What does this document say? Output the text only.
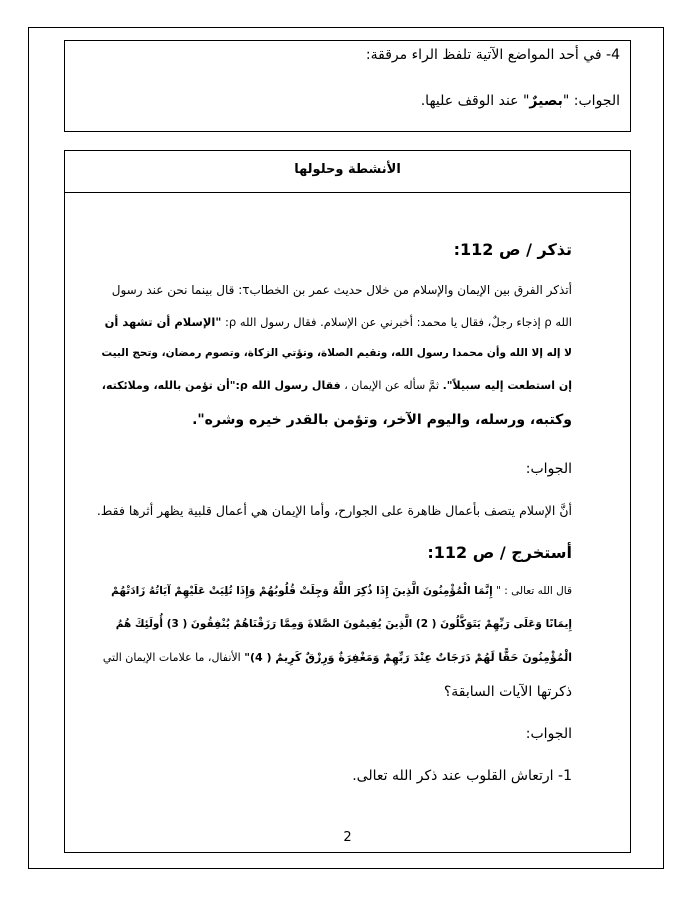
4- في أحد المواضع الآتية تلفظ الراء مرققة:
الجواب: "بصيرٌ" عند الوقف عليها.
الأنشطة وحلولها
تذكر / ص 112:
أتذكر الفرق بين الإيمان والإسلام من خلال حديث عمر بن الخطابτ: قال بينما نحن عند رسول
الله ρ إذجاء رجلٌ، فقال يا محمد: أخبرني عن الإسلام. فقال رسول الله ρ: "الإسلام أن تشهد أن
لا إله إلا الله وأن محمدا رسول الله، وتقيم الصلاة، وتؤتي الزكاة، وتصوم رمضان، وتحج البيت
إن استطعت إليه سبيلاً". ثمَّ سأله عن الإيمان ، فقال رسول الله ρ:"أن تؤمن بالله، وملائكته،
وكتبه، ورسله، واليوم الآخر، وتؤمن بالقدر خيره وشره".
الجواب:
أنَّ الإسلام يتصف بأعمال ظاهرة على الجوارح، وأما الإيمان هي أعمال قلبية يظهر أثرها فقط.
أستخرج / ص 112:
قال الله تعالى : " إِنَّمَا الْمُؤْمِنُونَ الَّذِينَ إِذَا ذُكِرَ اللَّهُ وَجِلَتْ قُلُوبُهُمْ وَإِذَا تُلِيَتْ عَلَيْهِمْ آيَاتُهُ زَادَتْهُمْ
إِيمَانًا وَعَلَى رَبِّهِمْ يَتَوَكَّلُونَ ( 2) الَّذِينَ يُقِيمُونَ الصَّلاةَ وَمِمَّا رَزَقْنَاهُمْ يُنْفِقُونَ ( 3) أُولَئِكَ هُمُ
الْمُؤْمِنُونَ حَقًّا لَهُمْ دَرَجَاتٌ عِنْدَ رَبِّهِمْ وَمَغْفِرَةٌ وَرِزْقٌ كَرِيمٌ ( 4)" الأنفال، ما علامات الإيمان التي
ذكرتها الآيات السابقة؟
الجواب:
1- ارتعاش القلوب عند ذكر الله تعالى.
2
